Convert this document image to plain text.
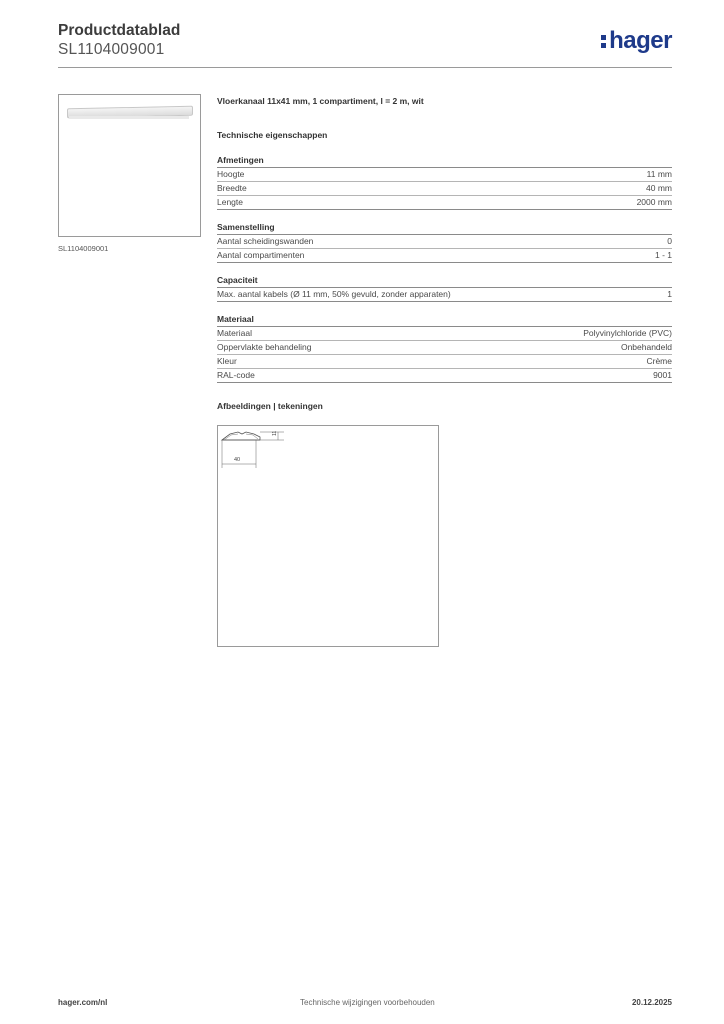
Productdatablad
SL1104009001	hager
SL1104009001
Vloerkanaal 11x41 mm, 1 compartiment, l = 2 m, wit
Technische eigenschappen
Afmetingen
Hoogte	11 mm
Breedte	40 mm
Lengte	2000 mm
Samenstelling
Aantal scheidingswanden	0
Aantal compartimenten	1 - 1
Capaciteit
Max. aantal kabels (Ø 11 mm, 50% gevuld, zonder apparaten)	1
Materiaal
Materiaal	Polyvinylchloride (PVC)
Oppervlakte behandeling	Onbehandeld
Kleur	Crème
RAL-code	9001
Afbeeldingen | tekeningen
11
40
hager.com/nl	Technische wijzigingen voorbehouden	20.12.2025
